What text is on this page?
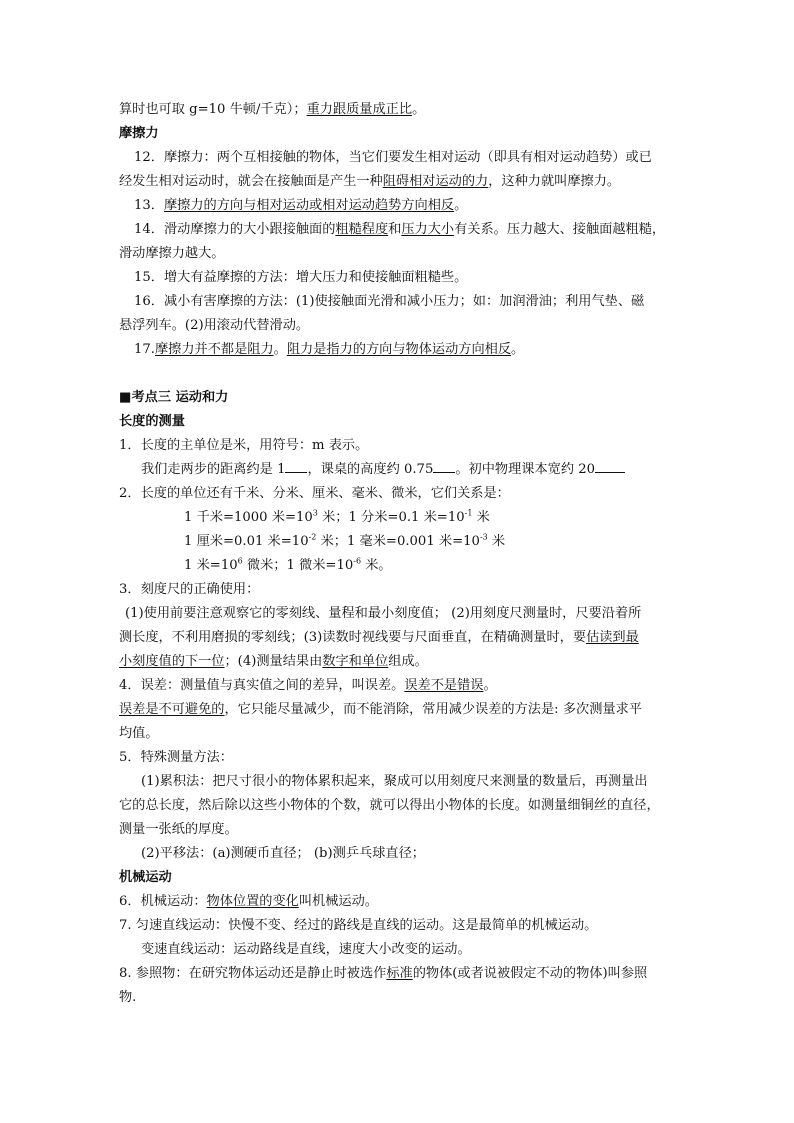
算时也可取 g=10 牛顿/千克）；重力跟质量成正比。
摩擦力
12．摩擦力：两个互相接触的物体，当它们要发生相对运动（即具有相对运动趋势）或已
经发生相对运动时，就会在接触面是产生一种阻碍相对运动的力，这种力就叫摩擦力。
13．摩擦力的方向与相对运动或相对运动趋势方向相反。
14．滑动摩擦力的大小跟接触面的粗糙程度和压力大小有关系。压力越大、接触面越粗糙，
滑动摩擦力越大。
15．增大有益摩擦的方法：增大压力和使接触面粗糙些。
16．减小有害摩擦的方法：(1)使接触面光滑和减小压力；如：加润滑油；利用气垫、磁
悬浮列车。(2)用滚动代替滑动。
17.摩擦力并不都是阻力。阻力是指力的方向与物体运动方向相反。
■考点三 运动和力
长度的测量
1．长度的主单位是米，用符号：m 表示。
我们走两步的距离约是 1 ，课桌的高度约 0.75 。初中物理课本宽约 20
2．长度的单位还有千米、分米、厘米、毫米、微米，它们关系是：
1 千米=1000 米$=10^3$ 米；1 分米=0.1 米$=10^{-1}$ 米
1 厘米=0.01 米$=10^{-2}$ 米；1 毫米=0.001 米$=10^{-3}$ 米
1 米$=10^6$ 微米；1 微米$=10^{-6}$ 米。
3．刻度尺的正确使用：
(1)使用前要注意观察它的零刻线、量程和最小刻度值； (2)用刻度尺测量时，尺要沿着所
测长度，不利用磨损的零刻线；(3)读数时视线要与尺面垂直，在精确测量时，要估读到最
小刻度值的下一位；(4)测量结果由数字和单位组成。
4．误差：测量值与真实值之间的差异，叫误差。误差不是错误。
误差是不可避免的，它只能尽量减少，而不能消除，常用减少误差的方法是: 多次测量求平
均值。
5．特殊测量方法：
(1)累积法：把尺寸很小的物体累积起来，聚成可以用刻度尺来测量的数量后，再测量出
它的总长度，然后除以这些小物体的个数，就可以得出小物体的长度。如测量细铜丝的直径，
测量一张纸的厚度。
(2)平移法：(a)测硬币直径； (b)测乒乓球直径；
机械运动
6．机械运动：物体位置的变化叫机械运动。
7. 匀速直线运动：快慢不变、经过的路线是直线的运动。这是最简单的机械运动。
变速直线运动：运动路线是直线，速度大小改变的运动。
8. 参照物：在研究物体运动还是静止时被选作标准的物体(或者说被假定不动的物体)叫参照
物.
